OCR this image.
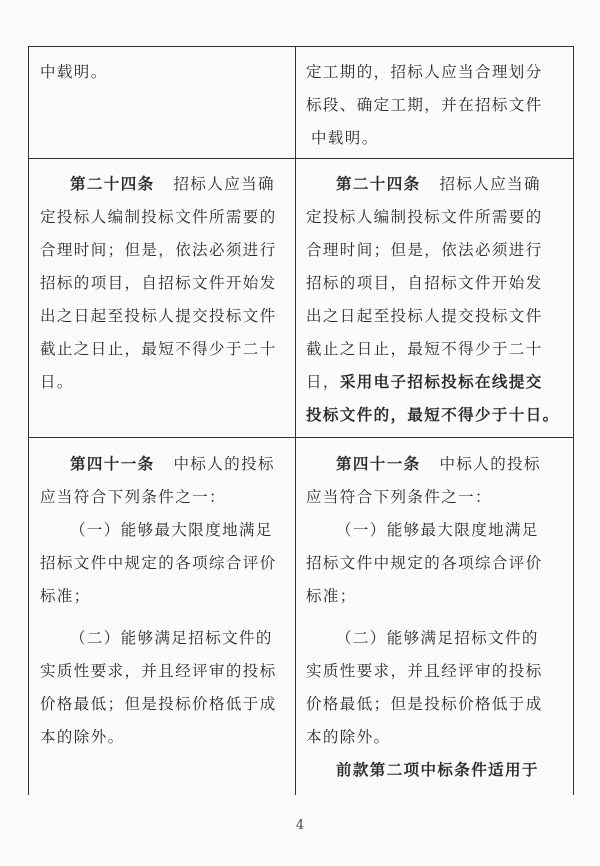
中载明。	定工期的，招标人应当合理划分
标段、确定工期，并在招标文件
中载明。
第二十四条 招标人应当确
定投标人编制投标文件所需要的
合理时间；但是，依法必须进行
招标的项目，自招标文件开始发
出之日起至投标人提交投标文件
截止之日止，最短不得少于二十
日。
第二十四条 招标人应当确
定投标人编制投标文件所需要的
合理时间；但是，依法必须进行
招标的项目，自招标文件开始发
出之日起至投标人提交投标文件
截止之日止，最短不得少于二十
日，采用电子招标投标在线提交
投标文件的，最短不得少于十日。
第四十一条 中标人的投标
应当符合下列条件之一：
（一）能够最大限度地满足
招标文件中规定的各项综合评价
标准；
（二）能够满足招标文件的
实质性要求，并且经评审的投标
价格最低；但是投标价格低于成
本的除外。
第四十一条 中标人的投标
应当符合下列条件之一：
（一）能够最大限度地满足
招标文件中规定的各项综合评价
标准；
（二）能够满足招标文件的
实质性要求，并且经评审的投标
价格最低；但是投标价格低于成
本的除外。
前款第二项中标条件适用于
4
